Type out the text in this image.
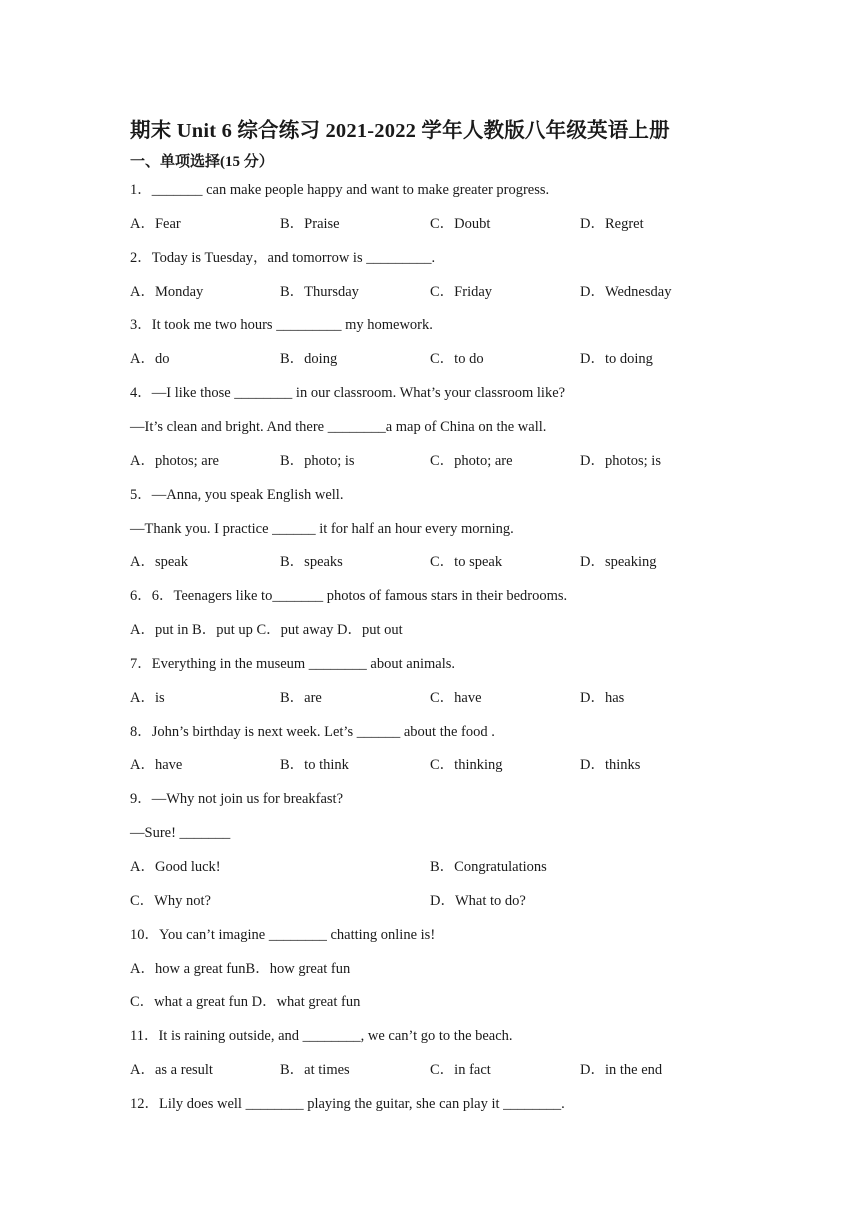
期末 Unit 6 综合练习 2021-2022 学年人教版八年级英语上册
一、单项选择(15 分）
1．_______ can make people happy and want to make greater progress.
A．Fear	B．Praise	C．Doubt	D．Regret
2．Today is Tuesday，and tomorrow is _________.
A．Monday	B．Thursday	C．Friday	D．Wednesday
3．It took me two hours _________ my homework.
A．do	B．doing	C．to do	D．to doing
4．—I like those ________ in our classroom. What’s your classroom like?
—It’s clean and bright. And there ________a map of China on the wall.
A．photos; are	B．photo; is	C．photo; are	D．photos; is
5．—Anna, you speak English well.
—Thank you. I practice ______ it for half an hour every morning.
A．speak	B．speaks	C．to speak	D．speaking
6．6．Teenagers like to_______ photos of famous stars in their bedrooms.
A．put in B．put up C．put away D．put out
7．Everything in the museum ________ about animals.
A．is	B．are	C．have	D．has
8．John’s birthday is next week. Let’s ______ about the food .
A．have	B．to think	C．thinking	D．thinks
9．—Why not join us for breakfast?
—Sure! _______
A．Good luck!	B．Congratulations
C．Why not?	D．What to do?
10．You can’t imagine ________ chatting online is!
A．how a great funB．how great fun
C．what a great fun D．what great fun
11．It is raining outside, and ________, we can’t go to the beach.
A．as a result	B．at times	C．in fact	D．in the end
12．Lily does well ________ playing the guitar, she can play it ________.
